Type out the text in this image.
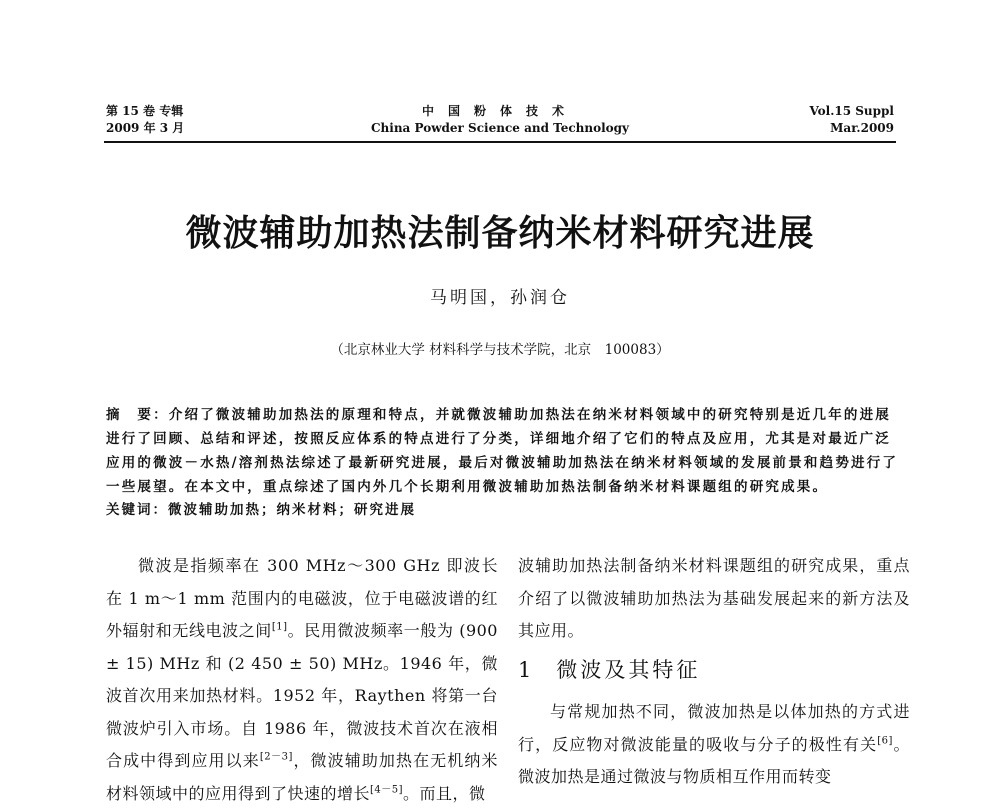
第 15 卷 专辑
2009 年 3 月
中国粉体技术
China Powder Science and Technology
Vol.15 Suppl
Mar.2009
微波辅助加热法制备纳米材料研究进展
马明国，孙润仓
（北京林业大学 材料科学与技术学院，北京　100083）
摘　要：介绍了微波辅助加热法的原理和特点，并就微波辅助加热法在纳米材料领域中的研究特别是近几年的进展进行了回顾、总结和评述，按照反应体系的特点进行了分类，详细地介绍了它们的特点及应用，尤其是对最近广泛应用的微波－水热/溶剂热法综述了最新研究进展，最后对微波辅助加热法在纳米材料领域的发展前景和趋势进行了一些展望。在本文中，重点综述了国内外几个长期利用微波辅助加热法制备纳米材料课题组的研究成果。
关键词：微波辅助加热；纳米材料；研究进展

微波是指频率在 300 MHz～300 GHz 即波长在 1 m～1 mm 范围内的电磁波，位于电磁波谱的红外辐射和无线电波之间[1]。民用微波频率一般为 (900 ± 15) MHz 和 (2 450 ± 50) MHz。1946 年，微波首次用来加热材料。1952 年，Raythen 将第一台微波炉引入市场。自 1986 年，微波技术首次在液相合成中得到应用以来[2－3]，微波辅助加热在无机纳米材料领域中的应用得到了快速的增长[4－5]。而且，微

波辅助加热法制备纳米材料课题组的研究成果，重点介绍了以微波辅助加热法为基础发展起来的新方法及其应用。

1 微波及其特征

与常规加热不同，微波加热是以体加热的方式进行，反应物对微波能量的吸收与分子的极性有关[6]。微波加热是通过微波与物质相互作用而转变
